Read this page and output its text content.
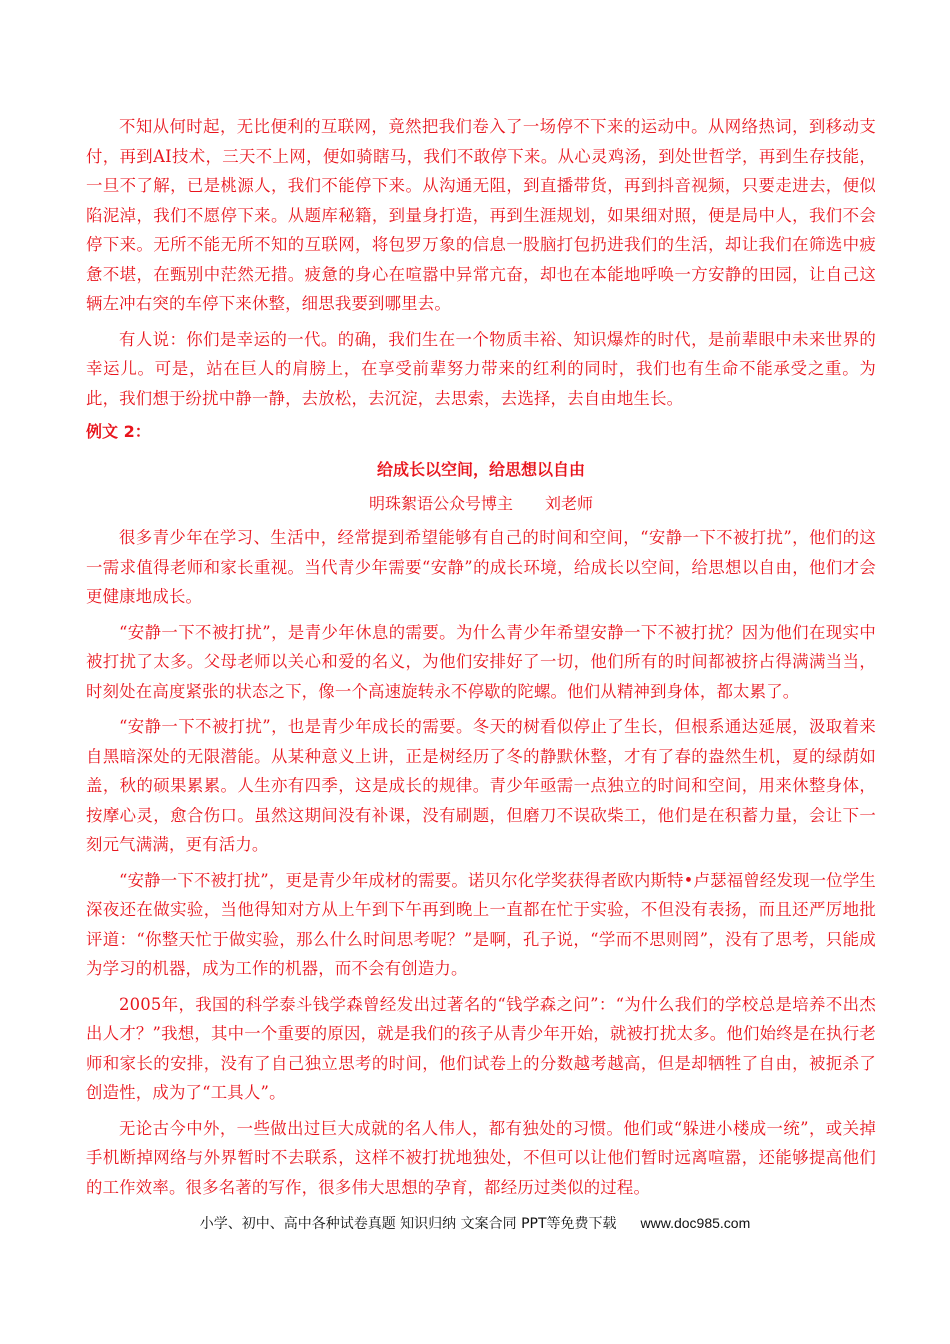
不知从何时起，无比便利的互联网，竟然把我们卷入了一场停不下来的运动中。从网络热词，到移动支付，再到AI技术，三天不上网，便如骑瞎马，我们不敢停下来。从心灵鸡汤，到处世哲学，再到生存技能，一旦不了解，已是桃源人，我们不能停下来。从沟通无阻，到直播带货，再到抖音视频，只要走进去，便似陷泥淖，我们不愿停下来。从题库秘籍，到量身打造，再到生涯规划，如果细对照，便是局中人，我们不会停下来。无所不能无所不知的互联网，将包罗万象的信息一股脑打包扔进我们的生活，却让我们在筛选中疲惫不堪，在甄别中茫然无措。疲惫的身心在喧嚣中异常亢奋，却也在本能地呼唤一方安静的田园，让自己这辆左冲右突的车停下来休整，细思我要到哪里去。

有人说：你们是幸运的一代。的确，我们生在一个物质丰裕、知识爆炸的时代，是前辈眼中未来世界的幸运儿。可是，站在巨人的肩膀上，在享受前辈努力带来的红利的同时，我们也有生命不能承受之重。为此，我们想于纷扰中静一静，去放松，去沉淀，去思索，去选择，去自由地生长。

例文 2：
给成长以空间，给思想以自由
明珠絮语公众号博主 刘老师

很多青少年在学习、生活中，经常提到希望能够有自己的时间和空间，“安静一下不被打扰”，他们的这一需求值得老师和家长重视。当代青少年需要“安静”的成长环境，给成长以空间，给思想以自由，他们才会更健康地成长。

“安静一下不被打扰”，是青少年休息的需要。为什么青少年希望安静一下不被打扰？因为他们在现实中被打扰了太多。父母老师以关心和爱的名义，为他们安排好了一切，他们所有的时间都被挤占得满满当当，时刻处在高度紧张的状态之下，像一个高速旋转永不停歇的陀螺。他们从精神到身体，都太累了。

“安静一下不被打扰”，也是青少年成长的需要。冬天的树看似停止了生长，但根系通达延展，汲取着来自黑暗深处的无限潜能。从某种意义上讲，正是树经历了冬的静默休整，才有了春的盎然生机，夏的绿荫如盖，秋的硕果累累。人生亦有四季，这是成长的规律。青少年亟需一点独立的时间和空间，用来休整身体，按摩心灵，愈合伤口。虽然这期间没有补课，没有刷题，但磨刀不误砍柴工，他们是在积蓄力量，会让下一刻元气满满，更有活力。

“安静一下不被打扰”，更是青少年成材的需要。诺贝尔化学奖获得者欧内斯特•卢瑟福曾经发现一位学生深夜还在做实验，当他得知对方从上午到下午再到晚上一直都在忙于实验，不但没有表扬，而且还严厉地批评道：“你整天忙于做实验，那么什么时间思考呢？”是啊，孔子说，“学而不思则罔”，没有了思考，只能成为学习的机器，成为工作的机器，而不会有创造力。

2005年，我国的科学泰斗钱学森曾经发出过著名的“钱学森之问”：“为什么我们的学校总是培养不出杰出人才？”我想，其中一个重要的原因，就是我们的孩子从青少年开始，就被打扰太多。他们始终是在执行老师和家长的安排，没有了自己独立思考的时间，他们试卷上的分数越考越高，但是却牺牲了自由，被扼杀了创造性，成为了“工具人”。

无论古今中外，一些做出过巨大成就的名人伟人，都有独处的习惯。他们或“躲进小楼成一统”，或关掉手机断掉网络与外界暂时不去联系，这样不被打扰地独处，不但可以让他们暂时远离喧嚣，还能够提高他们的工作效率。很多名著的写作，很多伟大思想的孕育，都经历过类似的过程。

小学、初中、高中各种试卷真题 知识归纳 文案合同 PPT等免费下载 www.doc985.com
